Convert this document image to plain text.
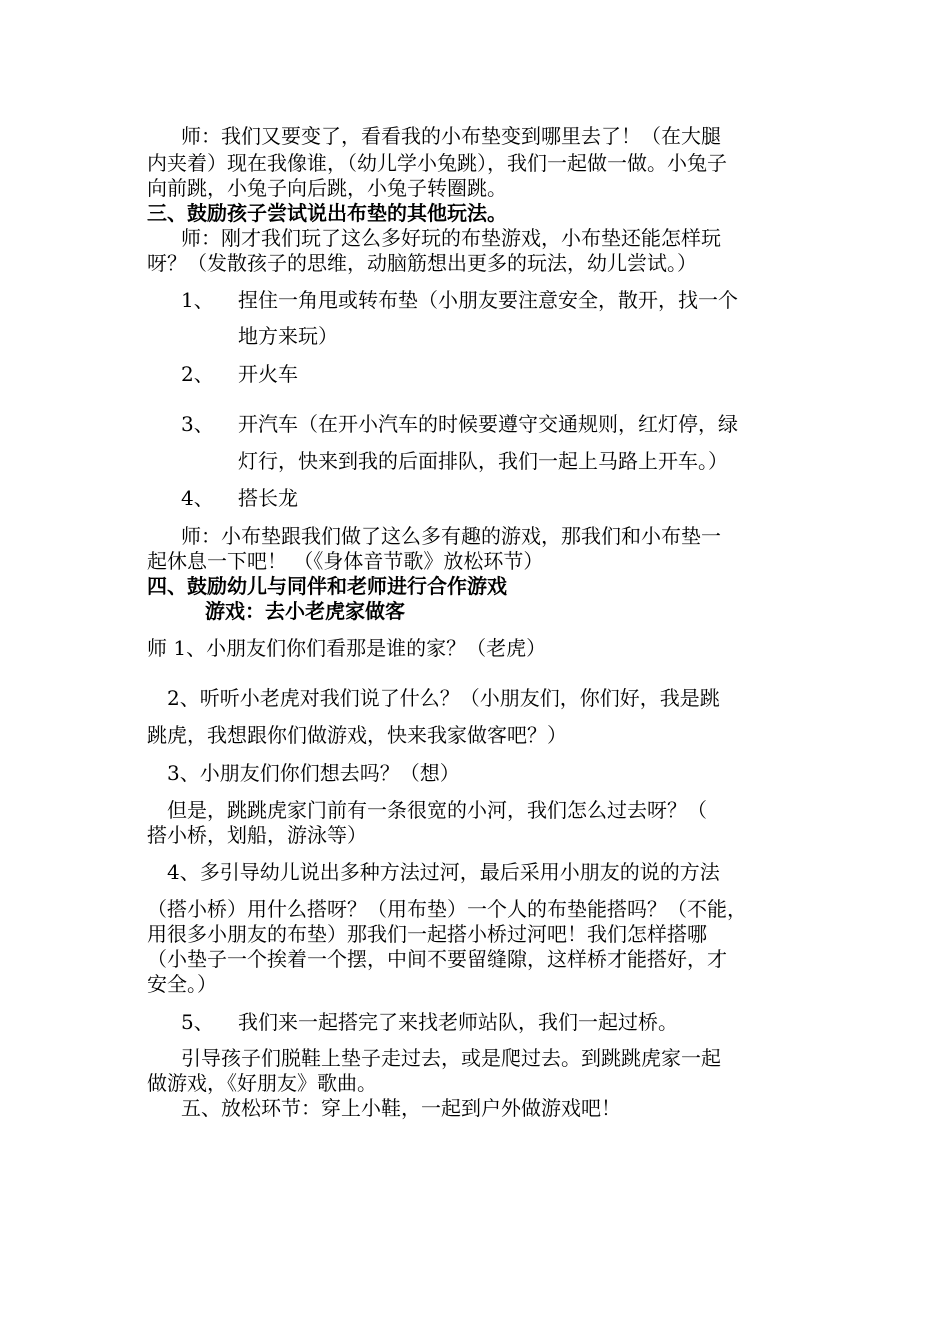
师：我们又要变了，看看我的小布垫变到哪里去了！（在大腿
内夹着）现在我像谁，（幼儿学小兔跳），我们一起做一做。小兔子
向前跳，小兔子向后跳，小兔子转圈跳。
三、鼓励孩子尝试说出布垫的其他玩法。
师：刚才我们玩了这么多好玩的布垫游戏，小布垫还能怎样玩
呀？（发散孩子的思维，动脑筋想出更多的玩法，幼儿尝试。）
1、 捏住一角甩或转布垫（小朋友要注意安全，散开，找一个
地方来玩）
2、 开火车
3、 开汽车（在开小汽车的时候要遵守交通规则，红灯停，绿
灯行，快来到我的后面排队，我们一起上马路上开车。）
4、 搭长龙
师：小布垫跟我们做了这么多有趣的游戏，那我们和小布垫一
起休息一下吧！ （《身体音节歌》放松环节）
四、鼓励幼儿与同伴和老师进行合作游戏
游戏：去小老虎家做客
师 1、小朋友们你们看那是谁的家？（老虎）
2、听听小老虎对我们说了什么？（小朋友们，你们好，我是跳
跳虎，我想跟你们做游戏，快来我家做客吧？）
3、小朋友们你们想去吗？（想）
但是，跳跳虎家门前有一条很宽的小河，我们怎么过去呀？（
搭小桥，划船，游泳等）
4、多引导幼儿说出多种方法过河，最后采用小朋友的说的方法
（搭小桥）用什么搭呀？（用布垫）一个人的布垫能搭吗？（不能，
用很多小朋友的布垫）那我们一起搭小桥过河吧！我们怎样搭哪
（小垫子一个挨着一个摆，中间不要留缝隙，这样桥才能搭好，才
安全。）
5、 我们来一起搭完了来找老师站队，我们一起过桥。
引导孩子们脱鞋上垫子走过去，或是爬过去。到跳跳虎家一起
做游戏，《好朋友》歌曲。
五、放松环节：穿上小鞋，一起到户外做游戏吧！
